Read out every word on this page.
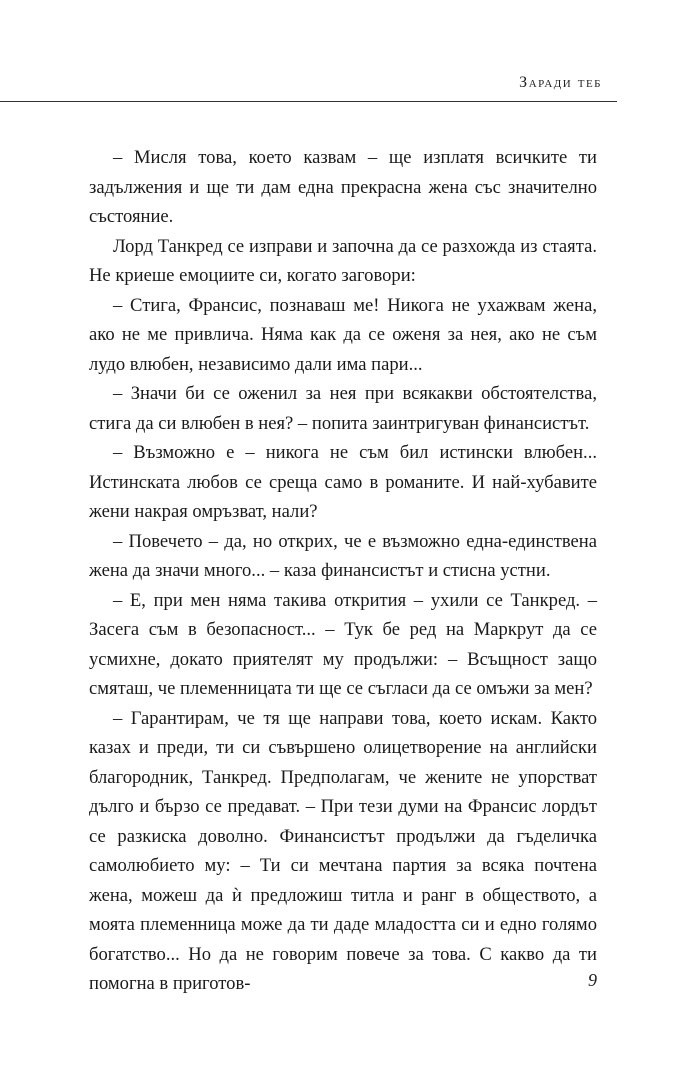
Заради теб

– Мисля това, което казвам – ще изплатя всичките ти задължения и ще ти дам една прекрасна жена със значително състояние.

Лорд Танкред се изправи и започна да се разхожда из стаята. Не криеше емоциите си, когато заговори:

– Стига, Франсис, познаваш ме! Никога не ухажвам жена, ако не ме привлича. Няма как да се оженя за нея, ако не съм лудо влюбен, независимо дали има пари...

– Значи би се оженил за нея при всякакви обстоятелства, стига да си влюбен в нея? – попита заинтригуван финансистът.

– Възможно е – никога не съм бил истински влюбен... Истинската любов се среща само в романите. И най-хубавите жени накрая омръзват, нали?

– Повечето – да, но открих, че е възможно една-единствена жена да значи много... – каза финансистът и стисна устни.

– Е, при мен няма такива открития – ухили се Танкред. – Засега съм в безопасност... – Тук бе ред на Маркрут да се усмихне, докато приятелят му продължи: – Всъщност защо смяташ, че племенницата ти ще се съгласи да се омъжи за мен?

– Гарантирам, че тя ще направи това, което искам. Както казах и преди, ти си съвършено олицетворение на английски благородник, Танкред. Предполагам, че жените не упорстват дълго и бързо се предават. – При тези думи на Франсис лордът се разкиска доволно. Финансистът продължи да гъделичка самолюбието му: – Ти си мечтана партия за всяка почтена жена, можеш да ѝ предложиш титла и ранг в обществото, а моята племенница може да ти даде младостта си и едно голямо богатство... Но да не говорим повече за това. С какво да ти помогна в приготов-	9
